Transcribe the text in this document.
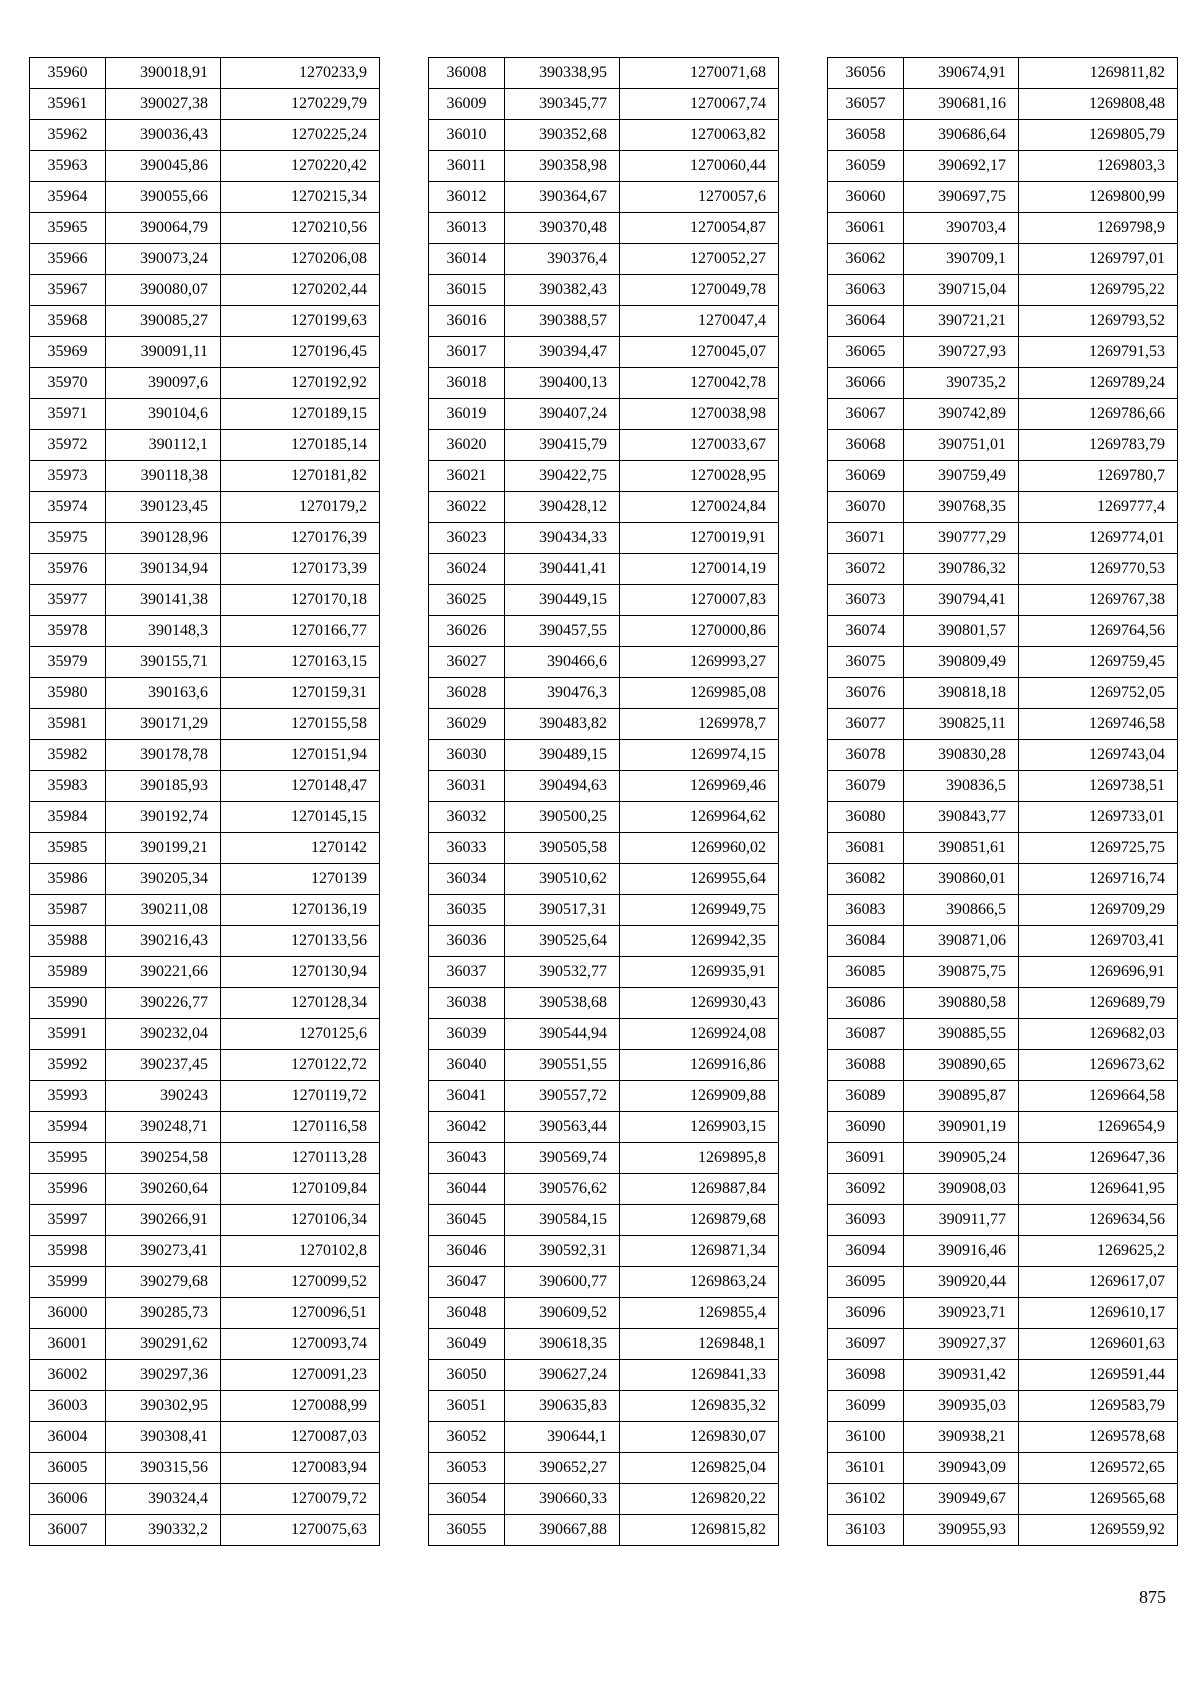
35960	390018,91	1270233,9
35961	390027,38	1270229,79
35962	390036,43	1270225,24
35963	390045,86	1270220,42
35964	390055,66	1270215,34
35965	390064,79	1270210,56
35966	390073,24	1270206,08
35967	390080,07	1270202,44
35968	390085,27	1270199,63
35969	390091,11	1270196,45
35970	390097,6	1270192,92
35971	390104,6	1270189,15
35972	390112,1	1270185,14
35973	390118,38	1270181,82
35974	390123,45	1270179,2
35975	390128,96	1270176,39
35976	390134,94	1270173,39
35977	390141,38	1270170,18
35978	390148,3	1270166,77
35979	390155,71	1270163,15
35980	390163,6	1270159,31
35981	390171,29	1270155,58
35982	390178,78	1270151,94
35983	390185,93	1270148,47
35984	390192,74	1270145,15
35985	390199,21	1270142
35986	390205,34	1270139
35987	390211,08	1270136,19
35988	390216,43	1270133,56
35989	390221,66	1270130,94
35990	390226,77	1270128,34
35991	390232,04	1270125,6
35992	390237,45	1270122,72
35993	390243	1270119,72
35994	390248,71	1270116,58
35995	390254,58	1270113,28
35996	390260,64	1270109,84
35997	390266,91	1270106,34
35998	390273,41	1270102,8
35999	390279,68	1270099,52
36000	390285,73	1270096,51
36001	390291,62	1270093,74
36002	390297,36	1270091,23
36003	390302,95	1270088,99
36004	390308,41	1270087,03
36005	390315,56	1270083,94
36006	390324,4	1270079,72
36007	390332,2	1270075,63
36008	390338,95	1270071,68
36009	390345,77	1270067,74
36010	390352,68	1270063,82
36011	390358,98	1270060,44
36012	390364,67	1270057,6
36013	390370,48	1270054,87
36014	390376,4	1270052,27
36015	390382,43	1270049,78
36016	390388,57	1270047,4
36017	390394,47	1270045,07
36018	390400,13	1270042,78
36019	390407,24	1270038,98
36020	390415,79	1270033,67
36021	390422,75	1270028,95
36022	390428,12	1270024,84
36023	390434,33	1270019,91
36024	390441,41	1270014,19
36025	390449,15	1270007,83
36026	390457,55	1270000,86
36027	390466,6	1269993,27
36028	390476,3	1269985,08
36029	390483,82	1269978,7
36030	390489,15	1269974,15
36031	390494,63	1269969,46
36032	390500,25	1269964,62
36033	390505,58	1269960,02
36034	390510,62	1269955,64
36035	390517,31	1269949,75
36036	390525,64	1269942,35
36037	390532,77	1269935,91
36038	390538,68	1269930,43
36039	390544,94	1269924,08
36040	390551,55	1269916,86
36041	390557,72	1269909,88
36042	390563,44	1269903,15
36043	390569,74	1269895,8
36044	390576,62	1269887,84
36045	390584,15	1269879,68
36046	390592,31	1269871,34
36047	390600,77	1269863,24
36048	390609,52	1269855,4
36049	390618,35	1269848,1
36050	390627,24	1269841,33
36051	390635,83	1269835,32
36052	390644,1	1269830,07
36053	390652,27	1269825,04
36054	390660,33	1269820,22
36055	390667,88	1269815,82
36056	390674,91	1269811,82
36057	390681,16	1269808,48
36058	390686,64	1269805,79
36059	390692,17	1269803,3
36060	390697,75	1269800,99
36061	390703,4	1269798,9
36062	390709,1	1269797,01
36063	390715,04	1269795,22
36064	390721,21	1269793,52
36065	390727,93	1269791,53
36066	390735,2	1269789,24
36067	390742,89	1269786,66
36068	390751,01	1269783,79
36069	390759,49	1269780,7
36070	390768,35	1269777,4
36071	390777,29	1269774,01
36072	390786,32	1269770,53
36073	390794,41	1269767,38
36074	390801,57	1269764,56
36075	390809,49	1269759,45
36076	390818,18	1269752,05
36077	390825,11	1269746,58
36078	390830,28	1269743,04
36079	390836,5	1269738,51
36080	390843,77	1269733,01
36081	390851,61	1269725,75
36082	390860,01	1269716,74
36083	390866,5	1269709,29
36084	390871,06	1269703,41
36085	390875,75	1269696,91
36086	390880,58	1269689,79
36087	390885,55	1269682,03
36088	390890,65	1269673,62
36089	390895,87	1269664,58
36090	390901,19	1269654,9
36091	390905,24	1269647,36
36092	390908,03	1269641,95
36093	390911,77	1269634,56
36094	390916,46	1269625,2
36095	390920,44	1269617,07
36096	390923,71	1269610,17
36097	390927,37	1269601,63
36098	390931,42	1269591,44
36099	390935,03	1269583,79
36100	390938,21	1269578,68
36101	390943,09	1269572,65
36102	390949,67	1269565,68
36103	390955,93	1269559,92
875
